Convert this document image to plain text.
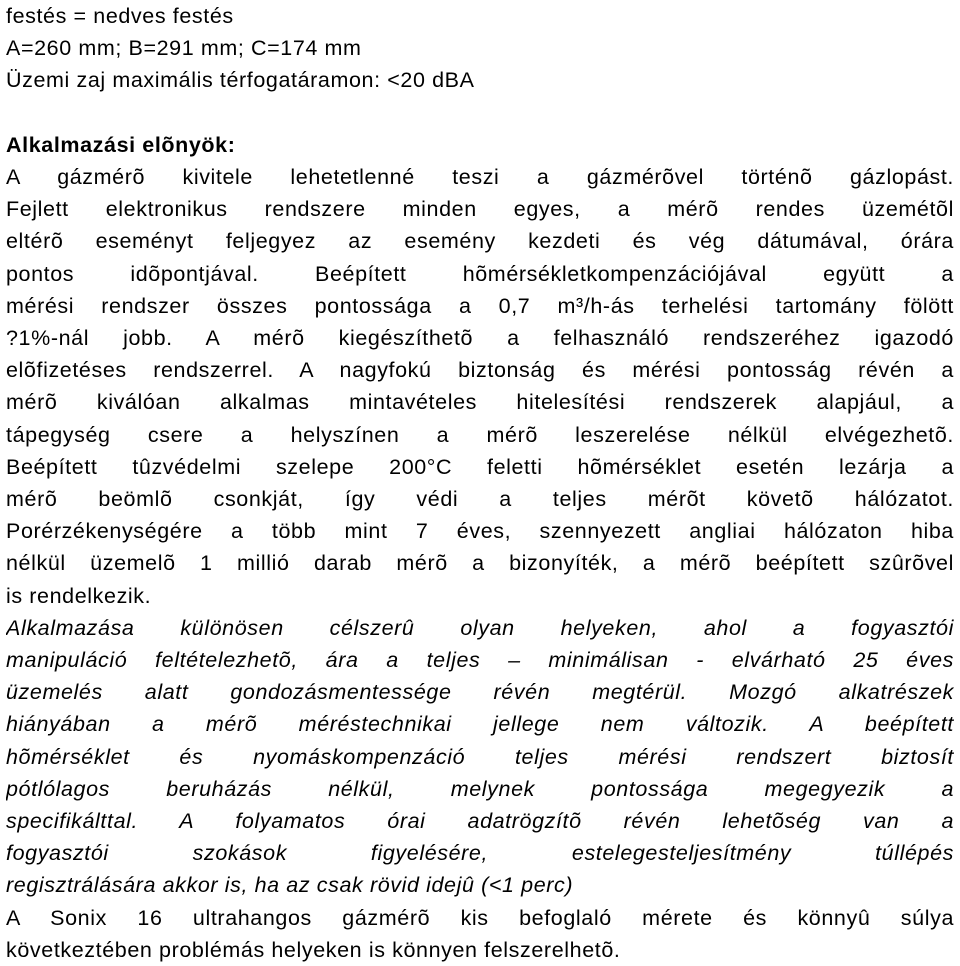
festés = nedves festés
A=260 mm; B=291 mm; C=174 mm
Üzemi zaj maximális térfogatáramon: <20 dBA
Alkalmazási elõnyök:
A gázmérõ kivitele lehetetlenné teszi a gázmérõvel történõ gázlopást.
Fejlett elektronikus rendszere minden egyes, a mérõ rendes üzemétõl
eltérõ eseményt feljegyez az esemény kezdeti és vég dátumával, órára
pontos idõpontjával. Beépített hõmérsékletkompenzációjával együtt a
mérési rendszer összes pontossága a 0,7 m³/h-ás terhelési tartomány fölött
?1%-nál jobb. A mérõ kiegészíthetõ a felhasználó rendszeréhez igazodó
elõfizetéses rendszerrel. A nagyfokú biztonság és mérési pontosság révén a
mérõ kiválóan alkalmas mintavételes hitelesítési rendszerek alapjául, a
tápegység csere a helyszínen a mérõ leszerelése nélkül elvégezhetõ.
Beépített tûzvédelmi szelepe 200°C feletti hõmérséklet esetén lezárja a
mérõ beömlõ csonkját, így védi a teljes mérõt követõ hálózatot.
Porérzékenységére a több mint 7 éves, szennyezett angliai hálózaton hiba
nélkül üzemelõ 1 millió darab mérõ a bizonyíték, a mérõ beépített szûrõvel
is rendelkezik.
Alkalmazása különösen célszerû olyan helyeken, ahol a fogyasztói
manipuláció feltételezhetõ, ára a teljes – minimálisan - elvárható 25 éves
üzemelés alatt gondozásmentessége révén megtérül. Mozgó alkatrészek
hiányában a mérõ méréstechnikai jellege nem változik. A beépített
hõmérséklet és nyomáskompenzáció teljes mérési rendszert biztosít
pótlólagos beruházás nélkül, melynek pontossága megegyezik a
specifikálttal. A folyamatos órai adatrögzítõ révén lehetõség van a
fogyasztói szokások figyelésére, estelegesteljesítmény túllépés
regisztrálására akkor is, ha az csak rövid idejû (<1 perc)
A Sonix 16 ultrahangos gázmérõ kis befoglaló mérete és könnyû súlya
következtében problémás helyeken is könnyen felszerelhetõ.
